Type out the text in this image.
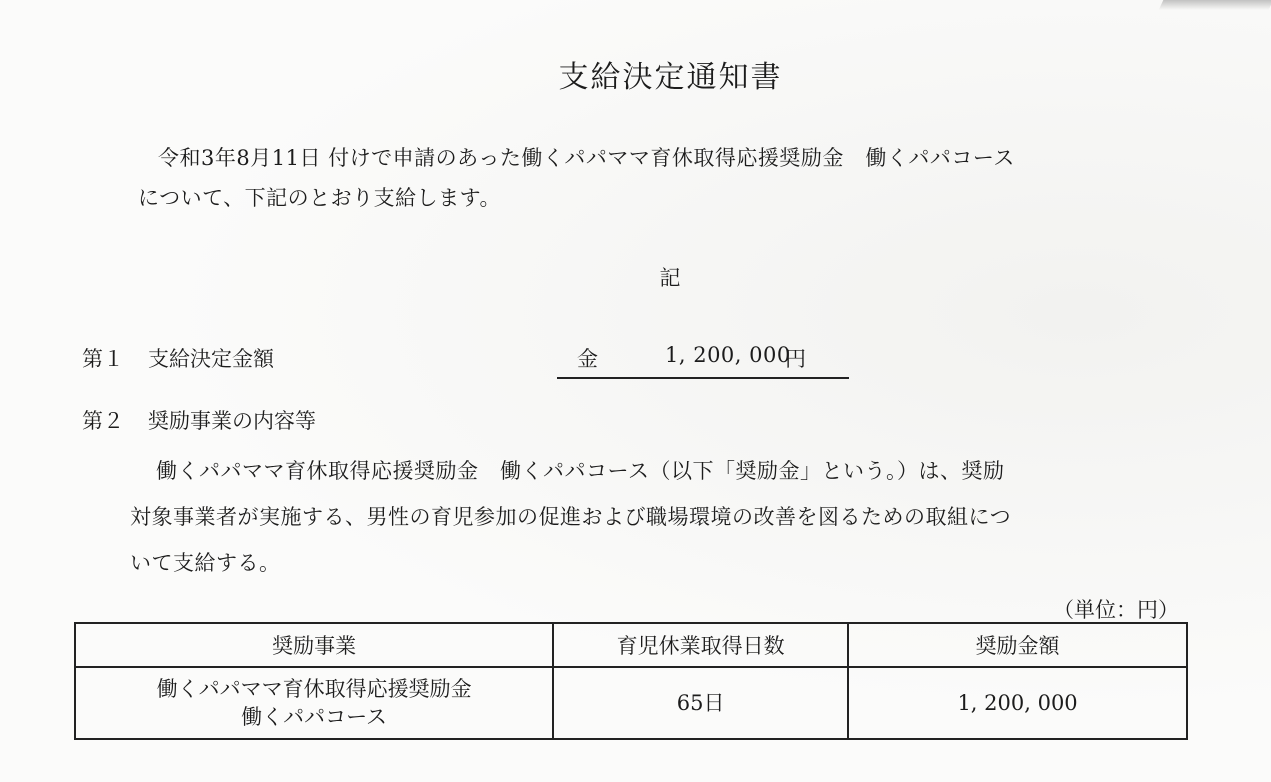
支給決定通知書
令和3年8月11日 付けで申請のあった働くパパママ育休取得応援奨励金　働くパパコース
について、下記のとおり支給します。
記
第１ 支給決定金額	金	1, 200, 000
円
第２ 奨励事業の内容等
働くパパママ育休取得応援奨励金　働くパパコース（以下「奨励金」という。）は、奨励
対象事業者が実施する、男性の育児参加の促進および職場環境の改善を図るための取組につ
いて支給する。
（単位：円）
奨励事業	育児休業取得日数	奨励金額

働くパパママ育休取得応援奨励金
働くパパコース	65日	1, 200, 000
